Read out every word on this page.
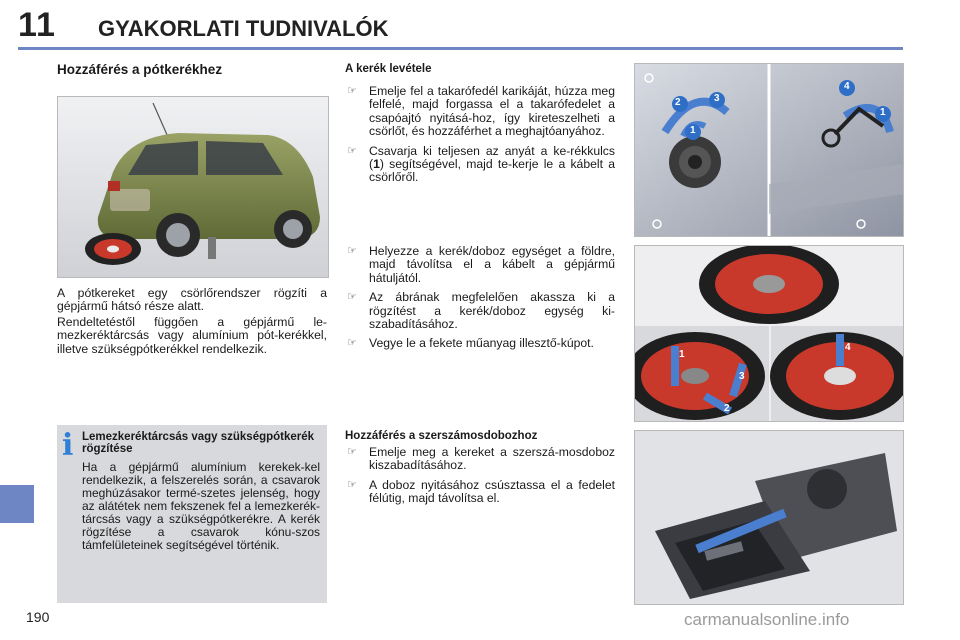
11 GYAKORLATI TUDNIVALÓK
Hozzáférés a pótkerékhez
A pótkereket egy csörlőrendszer rögzíti a gépjármű hátsó része alatt.
Rendeltetéstől függően a gépjármű le-mezkeréktárcsás vagy alumínium pót-kerékkel, illetve szükségpótkerékkel rendelkezik.
i Lemezkeréktárcsás vagy szükségpótkerék rögzítése
Ha a gépjármű alumínium kerekek-kel rendelkezik, a felszerelés során, a csavarok meghúzásakor termé-szetes jelenség, hogy az alátétek nem fekszenek fel a lemezkerék-tárcsás vagy a szükségpótkerékre. A kerék rögzítése a csavarok kónu-szos támfelületeinek segítségével történik.
A kerék levétele
☞ Emelje fel a takarófedél karikáját, húzza meg felfelé, majd forgassa el a takarófedelet a csapóajtó nyitásá-hoz, így kireteszelheti a csörlőt, és hozzáférhet a meghajtóanyához.
☞ Csavarja ki teljesen az anyát a ke-rékkulcs (1) segítségével, majd te-kerje le a kábelt a csörlőről.
☞ Helyezze a kerék/doboz egységet a földre, majd távolítsa el a kábelt a gépjármű hátuljától.
☞ Az ábrának megfelelően akassza ki a rögzítést a kerék/doboz egység ki-szabadításához.
☞ Vegye le a fekete műanyag illesztő-kúpot.
Hozzáférés a szerszámosdobozhoz
☞ Emelje meg a kereket a szerszá-mosdoboz kiszabadításához.
☞ A doboz nyitásához csúsztassa el a fedelet félútig, majd távolítsa el.
2	3
1
4
1
1
3
2
4
190	carmanualsonline.info
